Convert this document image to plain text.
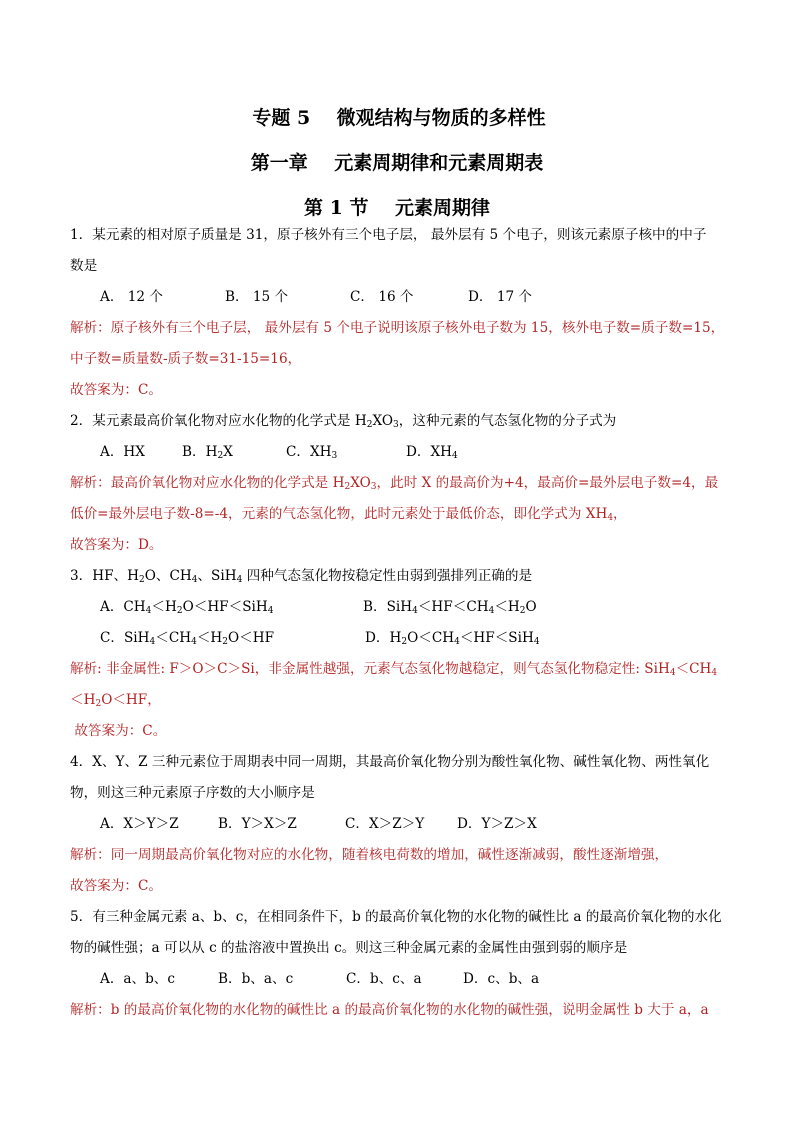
专题 5    微观结构与物质的多样性
第一章    元素周期律和元素周期表
第 1 节    元素周期律
1．某元素的相对原子质量是 31，原子核外有三个电子层， 最外层有 5 个电子，则该元素原子核中的中子
数是
A． 12 个	B． 15 个	C． 16 个	D． 17 个
解析：原子核外有三个电子层， 最外层有 5 个电子说明该原子核外电子数为 15，核外电子数=质子数=15，
中子数=质量数-质子数=31-15=16，
故答案为：C。
2．某元素最高价氧化物对应水化物的化学式是 $H_2XO_3$，这种元素的气态氢化物的分子式为
A．HX	B．$H_2X$	C．$XH_3$	D．$XH_4$
解析：最高价氧化物对应水化物的化学式是 $H_2XO_3$，此时 X 的最高价为+4，最高价=最外层电子数=4，最
低价=最外层电子数-8=-4，元素的气态氢化物，此时元素处于最低价态，即化学式为 $XH_4$，
故答案为：D。
3．HF、$H_2O$、$CH_4$、SiH$_4$ 四种气态氢化物按稳定性由弱到强排列正确的是
A．$CH_4<H_2O<HF<SiH_4$	B．$SiH_4<HF<CH_4<H_2O$
C．$SiH_4<CH_4<H_2O<HF$	D．$H_2O<CH_4<HF<SiH_4$
解析: 非金属性: F＞O＞C＞Si，非金属性越强，元素气态氢化物越稳定，则气态氢化物稳定性: $SiH_4<CH_4$
$<H_2O<HF$，
故答案为：C。
4．X、Y、Z 三种元素位于周期表中同一周期，其最高价氧化物分别为酸性氧化物、碱性氧化物、两性氧化
物，则这三种元素原子序数的大小顺序是
A．X＞Y＞Z	B．Y＞X＞Z	C．X＞Z＞Y D．Y＞Z＞X
解析：同一周期最高价氧化物对应的水化物，随着核电荷数的增加，碱性逐渐减弱，酸性逐渐增强，
故答案为：C。
5．有三种金属元素 a、b、c，在相同条件下，b 的最高价氧化物的水化物的碱性比 a 的最高价氧化物的水化
物的碱性强；a 可以从 c 的盐溶液中置换出 c。则这三种金属元素的金属性由强到弱的顺序是
A．a、b、c	B．b、a、c	C．b、c、a	D．c、b、a
解析：b 的最高价氧化物的水化物的碱性比 a 的最高价氧化物的水化物的碱性强，说明金属性 b 大于 a，a
